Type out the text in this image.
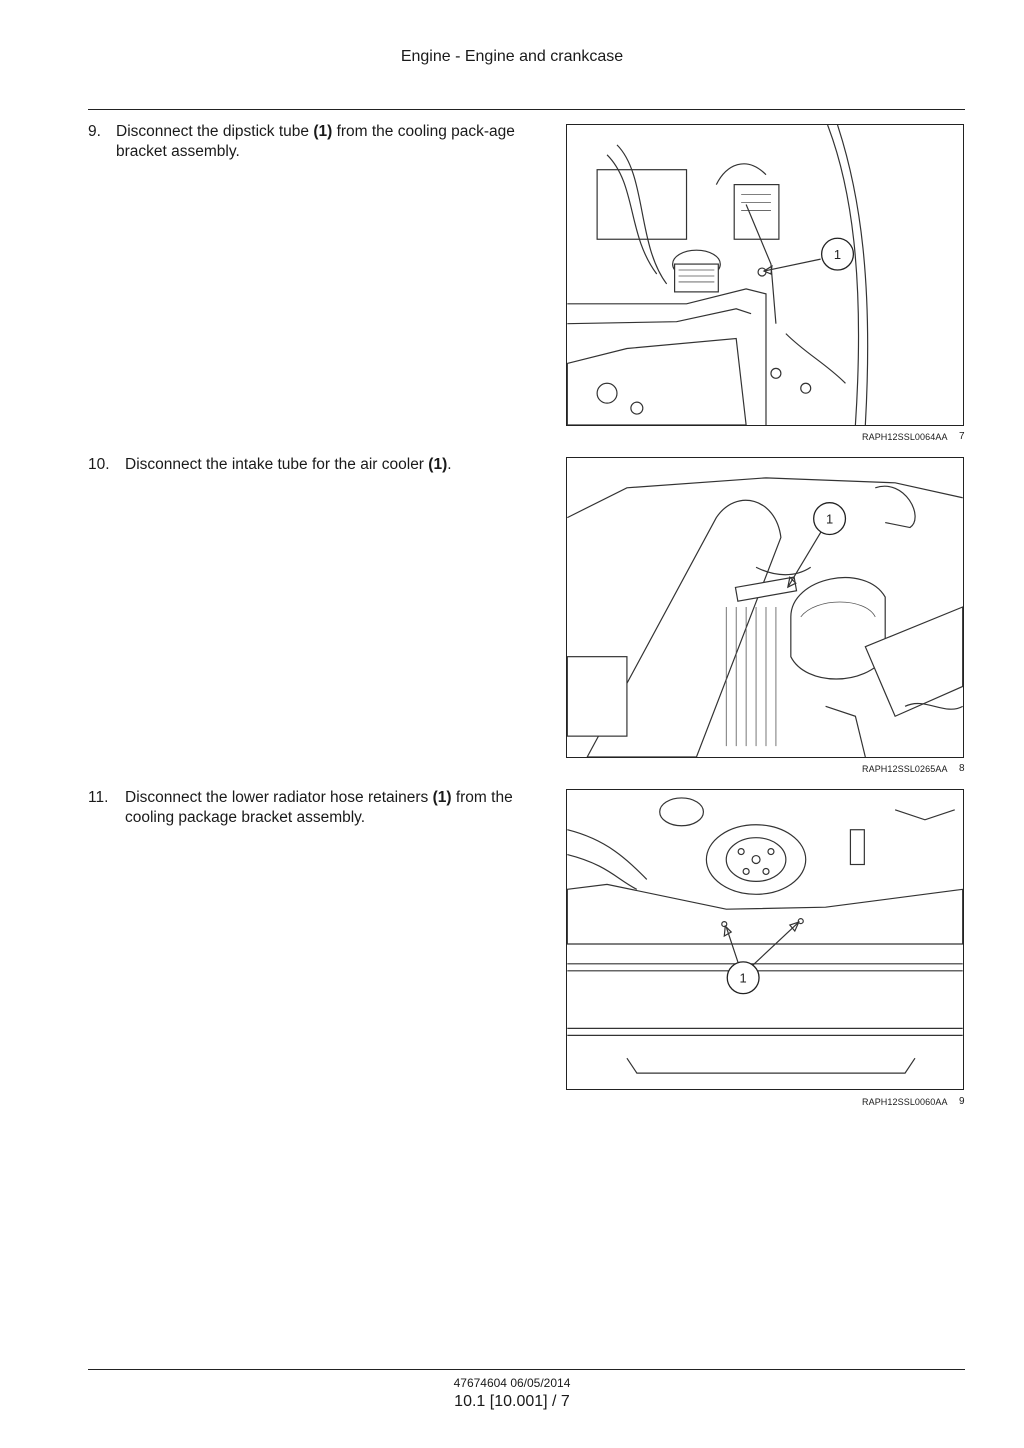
Engine - Engine and crankcase
9. Disconnect the dipstick tube (1) from the cooling pack-age bracket assembly.
1
RAPH12SSL0064AA 7
10. Disconnect the intake tube for the air cooler (1).
1
RAPH12SSL0265AA 8
11.	Disconnect the lower radiator hose retainers (1) from the cooling package bracket assembly.
1
RAPH12SSL0060AA 9
47674604 06/05/2014
10.1 [10.001] / 7
